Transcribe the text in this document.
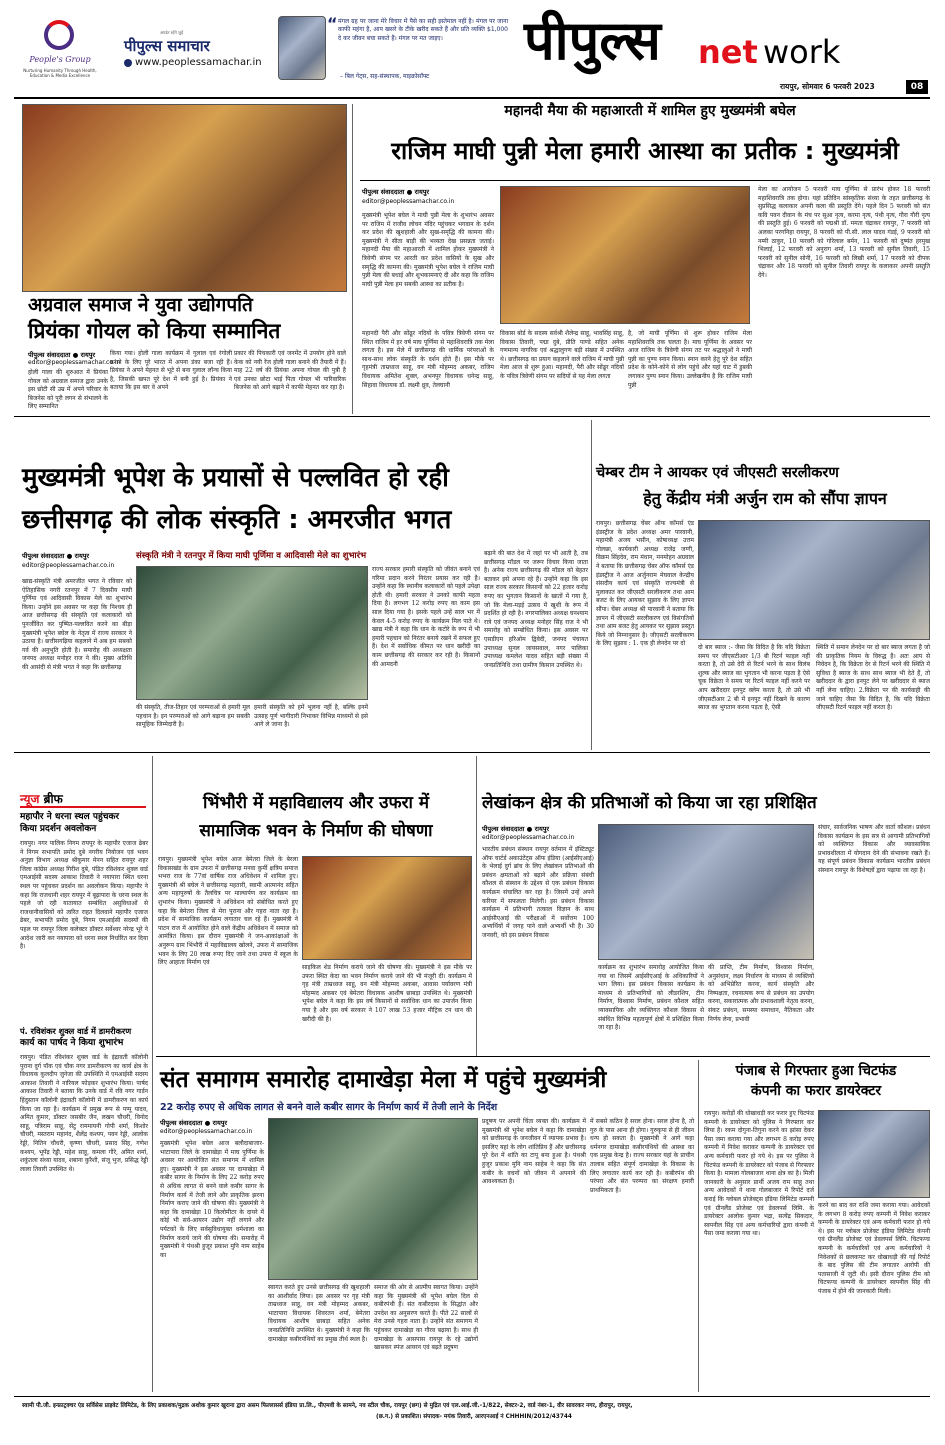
People's Group
Nurturing Humanity Through Health, Education & Media Excellence
अपडेट रहेंगे जुड़ें
पीपुल्स समाचार
www.peoplessamachar.in
“ मंगल ग्रह पर जाना मेरे विचार में पैसे का सही इस्तेमाल नहीं है। मंगल पर जाना काफी महंगा है, आप खसरे के टीके खरीद सकते हैं और प्रति व्यक्ति $1,000 दे कर जीवन बचा सकते हैं। मंगल पर मत जाइए।
– बिल गेट्स, सह-संस्थापक, माइक्रोसॉफ्ट
पीपुल्स	net work
रायपुर, सोमवार 6 फरवरी 2023	08
अग्रवाल समाज ने युवा उद्योगपति
प्रियंका गोयल को किया सम्मानित
पीपुल्स संवाददाता ● रायपुर
editor@peoplessamachar.co.in
होली गाला की शुरुआत में प्रियंका गोयल को अग्रवाल समाज द्वारा उनके इस छोटी सी उम्र में अपने परिवार के बिजनेस को पूरी लगन से संभालने के लिए सम्मानित
किया गया। होली गाला कार्यक्रम में गुलाल एवं रंगोली बनाने के लिए पूरे भारत में अपना डंका बजा रही हैं। प्रियंका ने अपने मेहनत से भूटे से बना गुलाल लॉन्च किया है, जिसकी खपत पूरे देश में बनी हुई है। प्रियंका ने बताया कि इस बार वे अपने
प्रकार की पिचकारी एवं जनमेंट में उपयोग होने वाले केक को नयी रेंज होली गाला बनाने की तैयारी में हैं। माह 22 वर्ष की प्रियंका अपना गोयल की पुत्री है एवं उनका छोटा भाई पिता गोयल भी पारिवारिक बिजनेस को आगे बढ़ाने में काफी मेहनत कर रहा है।
महानदी मैया की महाआरती में शामिल हुए मुख्यमंत्री बघेल
राजिम माघी पुन्नी मेला हमारी आस्था का प्रतीक : मुख्यमंत्री
पीपुल्स संवाददाता ● रायपुर
editor@peoplessamachar.co.in
मुख्यमंत्री भूपेश बघेल ने माघी पुन्नी मेला के शुभारंभ अवसर पर राजिम में राजीव लोचन मंदिर पहुंचकर भगवान के दर्शन कर प्रदेश की खुशहाली और सुख-समृद्धि की कामना की। मुख्यमंत्री ने सीता बाड़ी की भव्यता देख प्रसन्नता जताई। महानदी मैया की महाआरती में शामिल होकर मुख्यमंत्री ने त्रिवेणी संगम पर आरती कर प्रदेश वासियों के सुख और समृद्धि की कामना की। मुख्यमंत्री भूपेश बघेल ने राजिम माघी पुन्नी मेला की बधाई और शुभकामनाएं दी और कहा कि राजिम माघी पुन्नी मेला हम सबकी आस्था का प्रतीक है।
महानदी पैरी और सोंढूर नदियों के पवित्र त्रिवेणी संगम पर स्थित राजिम में हर वर्ष माघ पूर्णिमा से महाशिवरात्रि तक मेला लगता है। इस मेले में छत्तीसगढ़ की धार्मिक परंपराओं के साथ-साथ लोक संस्कृति के दर्शन होते हैं। इस मौके पर गृहमंत्री ताम्रध्वज साहू, वन मंत्री मोहम्मद अकबर, राजिम विधायक अमितेश शुक्ल, अभनपुर विधायक धनेन्द्र साहू, सिहावा विधायक डॉ. लक्ष्मी ध्रुव, तेलघानी
विकास बोर्ड के सदस्य सर्वश्री शैलेन्द्र साहू, भावसिंह साहू, विकास तिवारी, पद्मा दुबे, प्रीति पाण्डे सहित अनेक गणमान्य नागरिक एवं श्रद्धालुगण बड़ी संख्या में उपस्थित थे। छत्तीसगढ़ का प्रयाग कहलाने वाले राजिम में माघी पुन्नी मेला आज से शुरू हुआ। महानदी, पैरी और सोंढूर नदियों के पवित्र त्रिवेणी संगम पर सदियों से यह मेला लगता
है, जो माघी पूर्णिमा से शुरू होकर राजिम मेला महाशिवरात्रि तक चलता है। माघ पूर्णिमा के अवसर पर आज राजिम के त्रिवेणी संगम तट पर श्रद्धालुओं ने माघी पुन्नी का पुण्य स्नान किया। स्नान करने हेतु पूरे देश सहित प्रदेश के कोने-कोने से लोग पहुंचे और यहां घाट में डुबकी लगाकर पुण्य स्नान किया। उल्लेखनीय है कि राजिम माघी पुन्नी
मेला का आयोजन 5 फरवरी माघ पूर्णिमा से प्रारंभ होकर 18 फरवरी महाशिवरात्रि तक होगा। यहां प्रतिदिन सांस्कृतिक संध्या के तहत छत्तीसगढ़ के सुप्रसिद्ध कलाकार अपनी कला की प्रस्तुति देंगे। पहले दिन 5 फरवरी को संत कवि पवन दीवान के मंच पर सुआ नृत्य, करमा नृत्य, पंथी नृत्य, गौरा गौरी नृत्य की प्रस्तुति हुई। 6 फरवरी को पद्मश्री डॉ. ममता चंद्राकर रायपुर, 7 फरवरी को अलका परगनिहा रायपुर, 8 फरवरी को पी.सी. लाल यादव गंडई, 9 फरवरी को नम्मी ठाकुर, 10 फरवरी को गोरेलाल बर्मन, 11 फरवरी को दुष्यंत हरमुख भिलाई, 12 फरवरी को अनुराग शर्मा, 13 फरवरी को सुनील तिवारी, 15 फरवरी को सुनील सोनी, 16 फरवरी को लिखी शर्मा, 17 फरवरी को दीपक चंद्राकर और 18 फरवरी को सुनील तिवारी रायपुर के कलाकार अपनी प्रस्तुति देंगे।
मुख्यमंत्री भूपेश के प्रयासों से पल्लवित हो रही
छत्तीसगढ़ की लोक संस्कृति : अमरजीत भगत
पीपुल्स संवाददाता ● रायपुर
editor@peoplessamachar.co.in
खाद्य-संस्कृति मंत्री अमरजीत भगत ने रविवार को ऐतिहासिक नगरी रतनपुर में 7 दिवसीय माघी पूर्णिमा एवं आदिवासी विकास मेले का शुभारंभ किया। उन्होंने इस अवसर पर कहा कि निश्चय ही आज छत्तीसगढ़ की संस्कृति एवं कलाकारों को पुनर्जीवित कर पुष्पित-पल्लवित करने का बीड़ा मुख्यमंत्री भूपेश बघेल के नेतृत्व में राज्य सरकार ने उठाया है। छत्तीसगढ़िया कहलाने में अब हम सबको गर्व की अनुभूति होती है। समारोह की अध्यक्षता जनपद अध्यक्ष मनोहर राज ने की। मुख्य अतिथि की आसंदी से मंत्री भगत ने कहा कि छत्तीसगढ़
संस्कृति मंत्री ने रतनपुर में किया माघी पूर्णिमा व आदिवासी मेले का शुभारंभ
की संस्कृति, तीज-तिहार एवं परम्पराओं से हमारी मूल पहचान है। इन परम्पराओं को आगे बढ़ाना हम सबकी सामूहिक जिम्मेदारी है।
हमारी संस्कृति को हमें भूलना नहीं है, बल्कि इनमें उत्साह पूर्ण भागीदारी निभाकर विभिन्न माध्यमों से इसे आगे ले जाना है।
राज्य सरकार हमारी संस्कृति को जीवंत बनाने एवं गरिमा प्रदान करने निरंतर प्रयास कर रही है। उन्होंने कहा कि स्थानीय कलाकारों को पहले उपेक्षा होती थी। हमारी सरकार ने उनको काफी महत्व दिया है। लगभग 12 करोड़ रुपए का काम इस साल दिया गया है। इसके पहले उन्हें साल भर में केवल 4-5 करोड़ रुपए के कार्यक्रम मिल पाते थे। खाद्य मंत्री ने कहा कि धान के कटोरे के रूप में भी हमारी पहचान को निरंतर बनाये रखने में सफल हुए हैं। देश में सर्वाधिक कीमत पर धान खरीदी का काम छत्तीसगढ़ की सरकार कर रही है। किसानों की आमदनी
बढ़ाने की बात देश में जहां पर भी आती है, तब छत्तीसगढ़ मॉडल पर जरूर विचार किया जाता है। अनेक राज्य छत्तीसगढ़ की मॉडल को बेहतर बताकर इसे अपना रहे हैं। उन्होंने कहा कि इस साल राज्य सरकार किसानों को 22 हजार करोड़ रुपए का भुगतान किसानों के खातों में गया है, जो कि मेला-मड़ई उत्सव में खुशी के रूप में प्रदर्शित हो रही है। नगरपालिका अध्यक्ष घनश्याम रात्रे एवं जनपद अध्यक्ष मनोहर सिंह राज ने भी समारोह को सम्बोधित किया। इस अवसर पर एसडीएम हरिओम द्विवेदी, जनपद पंचायत उपाध्यक्ष सुनल जायसवाल, नगर पालिका उपाध्यक्ष कमलेश यादव सहित बड़ी संख्या में जनप्रतिनिधि तथा ग्रामीण किसान उपस्थित थे।
चेम्बर टीम ने आयकर एवं जीएसटी सरलीकरण
हेतु केंद्रीय मंत्री अर्जुन राम को सौंपा ज्ञापन
रायपुर। छत्तीसगढ़ चेंबर ऑफ कॉमर्स एंड इंडस्ट्रीज के प्रदेश अध्यक्ष अमर पारवानी, महामंत्री अजय भसीन, कोषाध्यक्ष उत्तम गोलछा, कार्यकारी अध्यक्ष राजेंद्र जग्गी, विक्रम सिंहदेव, राम मंधान, मनमोहन अग्रवाल ने बताया कि छत्तीसगढ़ चेंबर ऑफ कॉमर्स एंड इंडस्ट्रीज ने आज अर्जुनराम मेघवाल केन्द्रीय संसदीय कार्य एवं संस्कृति राज्यमंत्री से मुलाकात कर जीएसटी सरलीकरण तथा आम बजट के लिए आयकर सुझाव के लिए ज्ञापन सौंपा। चेंबर अध्यक्ष श्री पारवानी ने बताया कि ज्ञापन में जीएसटी सरलीकरण एवं विसंगतियों तथा आम बजट हेतु आयकर पर सुझाव प्रस्तुत किये जो निम्नानुसार है। जीएसटी सरलीकरण के लिए सुझाव : 1. एक ही लेनदेन पर दो
दो बार ब्याज :- जैसा कि विदित है कि यदि विक्रेता समय पर जीएसटीआर 1/3 बी रिटर्न फाइल नहीं करता है, तो उसे देरी से रिटर्न भरने के साथ विलंब शुल्क और ब्याज का भुगतान भी करना पड़ता है ऐसे चूक विक्रेता ने समय पर रिटर्न फाइल नहीं करने पर आप खरीददार इनपुट क्लेम करता है, तो उसे भी जीएसटीआर 2 बी में इनपुट नहीं दिखने के कारण ब्याज का भुगतान करना पड़ता है, ऐसी
स्थिति में समान लेनदेन पर दो बार ब्याज लगता है जो की प्राकृतिक नियम के विरुद्ध है। अतः आप से निवेदन है, कि विक्रेता देर से रिटर्न भरने की स्थिति में सुविधा है ब्याज के साथ साथ ब्याज भी देते हैं, तो खरीददार के द्वारा इनपुट लेने पर खरीददार से ब्याज नहीं लेना चाहिए। 2.विक्रेता पर की कार्यवाही की जाने चाहिए जैसा कि विदित है, कि यदि विक्रेता जीएसटी रिटर्न फाइल नहीं करता है।
न्यूज ब्रीफ
महापौर ने धरना स्थल पहुंचकर
किया प्रदर्शन अवलोकन
रायपुर। नगर पालिक निगम रायपुर के महापौर एजाज ढेबर ने निगम सभापति प्रमोद दुबे नगरीय नियोजन एवं भवन अनुज्ञा विभाग अध्यक्ष श्रीकुमार मेनन सहित रायपुर शहर जिला कांग्रेस अध्यक्ष गिरीश दुबे, पंडित रविशंकर शुक्ल वार्ड एमआईसी सदस्य आकाश तिवारी ने नयापारा स्थित धरना स्थल पर पहुंचकर प्रदर्शन का अवलोकन किया। महापौर ने कहा कि राजधानी शहर रायपुर में बूढ़ापारा के धरना स्थल के पहले जो रही यातायात सम्बंधित असुविधाओं से राजधानीवासियों को त्वरित राहत दिलवाने महापौर एजाज ढेबर, सभापति प्रमोद दुबे, निगम एमआईसी सदस्यों की पहल पर रायपुर जिला कलेक्टर डॉक्टर सर्वेश्वर नरेन्द्र भूरे ने आदेश जारी कर नयापारा को धरना स्थल निर्धारित कर दिया है।
पं. रविशंकर शुक्ल वार्ड में डामरीकरण
कार्य का पार्षद ने किया शुभारंभ
रायपुर। पंडित रविशंकर शुक्ल वार्ड के इंद्रावती कॉलोनी पुराना दुर्ग पॉक एवं चौक नगर डामरीकरण का कार्य क्षेत्र के विधायक कुलदीप जुनेजा की उपस्थिति में एमआईसी सदस्य आकाश तिवारी ने नारियल फोड़कर शुभारंभ किया। पार्षद आकाश तिवारी ने बताया कि उनके वार्ड में रवि नगर गार्डन हिंदुस्तान कॉलोनी इंद्रावती कॉलोनी में डामरीकरण का कार्य किया जा रहा है। कार्यक्रम में प्रमुख रूप से पप्पू यादव, अमित कुमार, डॉक्टर जसबीर जैन, लखन चौधरी, विनोद साहू, पत्रिराम साहू, सेंटु राममायनी गोपी शर्मा, किशोर चौधरी, मस्तराम महानंद, शैलेंद्र कश्यप, पवन रेड्डी, आलोक रेड्डी, नितिन चौधरी, कृष्णा चौधरी, प्रसाद सिंह, गणेश कश्यप, भूपेंद्र रेड्डी, महेश साहू, कमला गौरे, अमित शर्मा, शकुंतला संध्या यादव, शबाना कुरैशी, संजू भुज, प्रसिद्ध रेड्डी लाला तिवारी उपस्थित थे।
भिंभौरी में महाविद्यालय और उफरा में
सामाजिक भवन के निर्माण की घोषणा
रायपुर। मुख्यमंत्री भूपेश बघेल आज बेमेतरा जिले के बेरला विकासखंड के ग्राम उफरा में छत्तीसगढ़ मनवा कुर्मी क्षत्रिय समाज भभरा राज के 77वां वार्षिक राज अधिवेशन में शामिल हुए। मुख्यमंत्री श्री बघेल ने छत्तीसगढ़ महतारी, स्वामी आत्मानंद सहित अन्य महापुरुषों के तैलचित्र पर माल्यार्पण कर कार्यक्रम का शुभारंभ किया। मुख्यमंत्री ने अधिवेशन को संबोधित करते हुए कहा कि बेमेतरा जिला से मेरा पुराना और गहरा नाता रहा है। प्रदेश में सामाजिक कार्यक्रम लगातार चल रहे हैं। मुख्यमंत्री ने पाटन राज में आयोजित होने वाले केंद्रीय अधिवेशन में समाज को आमंत्रित किया। इस दौरान मुख्यमंत्री ने जन-आकांक्षाओं के अनुरूप ग्राम भिंभौरी में महाविद्यालय खोलने, उफरा में सामाजिक भवन के लिए 20 लाख रुपए दिए जाने तथा उफरा में स्कूल के लिए आहाता निर्माण एवं
साइकिल शेड निर्माण कराये जाने की घोषणा की। मुख्यमंत्री ने इस मौके पर उफरा स्थित केदा का भवन निर्माण कराये जाने की भी मंजूरी दी। कार्यक्रम में गृह मंत्री ताम्रध्वज साहू, वन मंत्री मोहम्मद अकबर, आवास पर्यावरण मंत्री मोहम्मद अकबर एवं बेमेतरा विधायक आशीष छाबड़ा उपस्थित थे। मुख्यमंत्री भूपेश बघेल ने कहा कि इस वर्ष किसानों से सर्वाधिक धान का उपार्जन किया गया है और इस वर्ष सरकार ने 107 लाख 53 हजार मीट्रिक टन धान की खरीदी की है।
लेखांकन क्षेत्र की प्रतिभाओं को किया जा रहा प्रशिक्षित
पीपुल्स संवाददाता ● रायपुर
editor@peoplessamachar.co.in
भारतीय प्रबंधन संस्थान रायपुर वर्तमान में इंस्टिट्यूट ऑफ चार्टर्ड अकाउंटेंट्स ऑफ इंडिया (आईसीएआई) के भेलाई दुर्ग ब्रांच के लिए लेखांकन प्रतिभाओं की प्रबंधन क्षमताओं को बढ़ाने और प्रक्रिया संबंधी कौशल से संस्थान के उद्देश्य से एक प्रबंधन विकास कार्यक्रम संचालित कर रहा है। जिसमें उन्हें अपने करियर में सफलता मिलेगी। इस प्रबंधन विकास कार्यक्रम में प्रतिभागी तत्काल विज्ञान के साथ आईसीएआई की परीक्षाओं में सर्वोत्तम 100 अभ्यर्थियों में जगह पाने वाले अभ्यर्थी भी हैं। 30 जनवरी, को इस प्रबंधन विकास
कार्यक्रम का शुभारंभ समारोह आयोजित किया गया था जिसमें आईसीएआई के अधिकारियों ने भाग लिया। इस प्रबंधन विकास कार्यक्रम के माध्यम से प्रतिभागियों को लीडरशिप, टीम निर्माण, विश्वास निर्माण, प्रबंधन कौशल सहित व्यावसायिक और व्यक्तिगत कौशल विकास से संबंधित विभिन्न महत्वपूर्ण क्षेत्रों में प्रशिक्षित किया जा रहा है।
की प्राप्ति, टीम निर्माण, विश्वास निर्माण, अनुसंधान, लक्ष्य निर्धारण के माध्यम से व्यक्तियों को अभिप्रेरित करना, कार्य संस्कृति और निष्पक्षता, रचनात्मक रूप से प्रबंधन का उपयोग करना, सकारात्मक और प्रभावशाली नेतृत्व करना, संकट प्रबंधन, समस्या समाधान, नैतिकता और निर्णय लेना, प्रभावी
संचार, सार्वजनिक भाषण और वार्ता कौशल। प्रबंधन विकास कार्यक्रम के इस सत्र से आगामी प्रतिभागियों को व्यक्तिगत विकास और व्यावसायिक प्रभावशीलता में योगदान देने की संभावना रखते हैं। यह संपूर्ण प्रबंधन विकास कार्यक्रम भारतीय प्रबंधन संस्थान रायपुर के विशेषज्ञों द्वारा पढ़ाया जा रहा है।
संत समागम समारोह दामाखेड़ा मेला में पहुंचे मुख्यमंत्री
22 करोड़ रुपए से अधिक लागत से बनने वाले कबीर सागर के निर्माण कार्य में तेजी लाने के निर्देश
पीपुल्स संवाददाता ● रायपुर
editor@peoplessamachar.co.in
मुख्यमंत्री भूपेश बघेल आज बलौदाबाजार-भाटापारा जिले के दामाखेड़ा में माघ पूर्णिमा के अवसर पर आयोजित संत समागम में शामिल हुए। मुख्यमंत्री ने इस अवसर पर दामाखेड़ा में कबीर सागर के निर्माण के लिए 22 करोड़ रुपए से अधिक लागत से बनने वाले कबीर सागर के निर्माण कार्य में तेजी लाने और प्राकृतिक झरना निर्माण कराए जाने की घोषणा की। मुख्यमंत्री ने कहा कि दामाखेड़ा 10 किलोमीटर के दायरे में कोई भी सर्व-आयरन उद्योग नहीं लगाने और पर्यटकों के लिए सर्वसुविधायुक्त धर्मशाला का निर्माण कराये जाने की घोषणा की। समारोह में मुख्यमंत्री ने पंथश्री हुजूर प्रकाश मुनि नाम साहेब का
स्वागत करते हुए उनसे छत्तीसगढ़ की खुशहाली का आशीर्वाद लिया। इस अवसर पर गृह मंत्री ताम्रध्वज साहू, वन मंत्री मोहम्मद अकबर, भाटापारा विधायक शिवरतन शर्मा, बेमेतरा विधायक आशीष छाबड़ा सहित अनेक जनप्रतिनिधि उपस्थित थे। मुख्यमंत्री ने कहा कि दामाखेड़ा कबीरपंथियों का प्रमुख तीर्थ स्थल है।
समाज की ओर से आत्मीय स्वागत किया। उन्होंने कहा कि मुख्यमंत्री श्री भूपेश बघेल दिल से कबीरपंथी हैं। संत कबीरदास के सिद्धांत और उपदेश का अनुसरण करते हैं। पीते 22 सालों से मेरा उनसे गहरा नाता है। उन्होंने संत समागम में पहुंचकर दामाखेड़ा का गौरव बढ़ाया है। साथ ही दामाखेड़ा के आसपास रायपुर के रहे उद्योगों खासकर स्पंज आयरन एवं बढ़ते प्रदूषण
प्रदूषण पर अपनी चिंता व्यक्त की। कार्यक्रम में मुख्यमंत्री श्री भूपेश बघेल ने कहा कि दामाखेड़ा को छत्तीसगढ़ के जनजीवन में व्यापक प्रभाव है। इसलिए यहां के लोग शांतिप्रिय हैं और छत्तीसगढ़ पूरे देश में शांति का टापू बना हुआ है। पंथश्री हुजूर प्रकाश मुनि नाम साहेब ने कहा कि संत कबीर के वचनों को जीवन में अपनाने की आवश्यकता है।
में सबसे कठिन है सरल होना। सरल होना है, तो गुरु के पास आना ही होगा। गुरुकृपा से ही जीवन धन्य हो सकता है। मुख्यमंत्री ने आगे कहा धर्मनगर दामाखेड़ा कबीरपंथियों की आस्था का एक प्रमुख केन्द्र है। राज्य सरकार यहां के प्राचीन तालाब सहित संपूर्ण दामाखेड़ा के विकास के लिए लगातार कार्य कर रही है। कबीरपंथ की परंपरा और संत परम्परा का संरक्षण हमारी प्राथमिकता है।
पंजाब से गिरफ्तार हुआ चिटफंड
कंपनी का फरार डायरेक्टर
रायपुर। करोड़ों की धोखाधड़ी कर फरार हुए चिटफंड कम्पनी के डायरेक्टर को पुलिस ने गिरफ्तार कर लिया है। रकम दोगुना-तिगुना करने का झांसा देकर पैसा जमा कराया गया और लगभग 8 करोड़ रुपए कम्पनी में निवेश कराकर कम्पनी के डायरेक्टर एवं अन्य कर्मचारी फरार हो गये थे। इस पर पुलिस ने चिटफंड कम्पनी के डायरेक्टर को पंजाब से गिरफ्तार किया है। मामला गोलबाजार थाना क्षेत्र का है। मिली जानकारी के अनुसार प्रार्थी अजय राम साहू तथा अन्य आवेदकों ने थाना गोलबाजार में रिपोर्ट दर्ज कराई कि ग्लोबल प्रोजेक्ट्स इंडिया लिमिटेड कम्पनी एवं ग्रीनलैंड प्रोजेक्ट एवं डेवलपर्स लिमि. के डायरेक्टर आलोक कुमार भद्रा, सत्येंद्र सिकदार, स्वपनील सिंह एवं अन्य कर्मचारियों द्वारा कंपनी में पैसा जमा कराया गया था।
करने का बाद कर राशि जमा कराया गया। आवेदकों के लगभग 8 करोड़ रुपए कम्पनी में निवेश कराकर कम्पनी के डायरेक्टर एवं अन्य कर्मचारी फरार हो गये थे। इस पर ग्लोबल प्रोजेक्ट इंडिया लिमिटेड कंपनी एवं ग्रीनलैंड प्रोजेक्ट एवं डेवलपर्स लिमि. चिटफण्ड कम्पनी के कर्मचारियों एवं अन्य कर्मचारियों ने निवेशकों से छलकपट कर धोखाधड़ी की गई रिपोर्ट के बाद पुलिस की टीम लगातार आरोपी की पतासाजी में जुटी थी। इसी दौरान पुलिस टीम को चिटफण्ड कम्पनी के डायरेक्टर स्वपनील सिंह की पंजाब में होने की जानकारी मिली।
स्वामी पी.जी. इन्फ्राट्रक्चर एंड सर्विसेस प्राइवेट लिमिटेड, के लिए प्रकाशक/मुद्रक अशोक कुमार खुराना द्वारा असम फिल्लासर्स इंडिया प्रा.लि., पीएमवी के सामने, नव स्टील चौक, रायपुर (छग) से मुद्रित एवं एल.आई.जी.-1/822, सेक्टर-2, वार्ड नंबर-1, वीर सावरकर नगर, हीरापुर, रायपुर,
(छ.ग.) से प्रकाशित। संपादक- मयंक तिवारी, आरएनआई नं CHHHIN/2012/43744
